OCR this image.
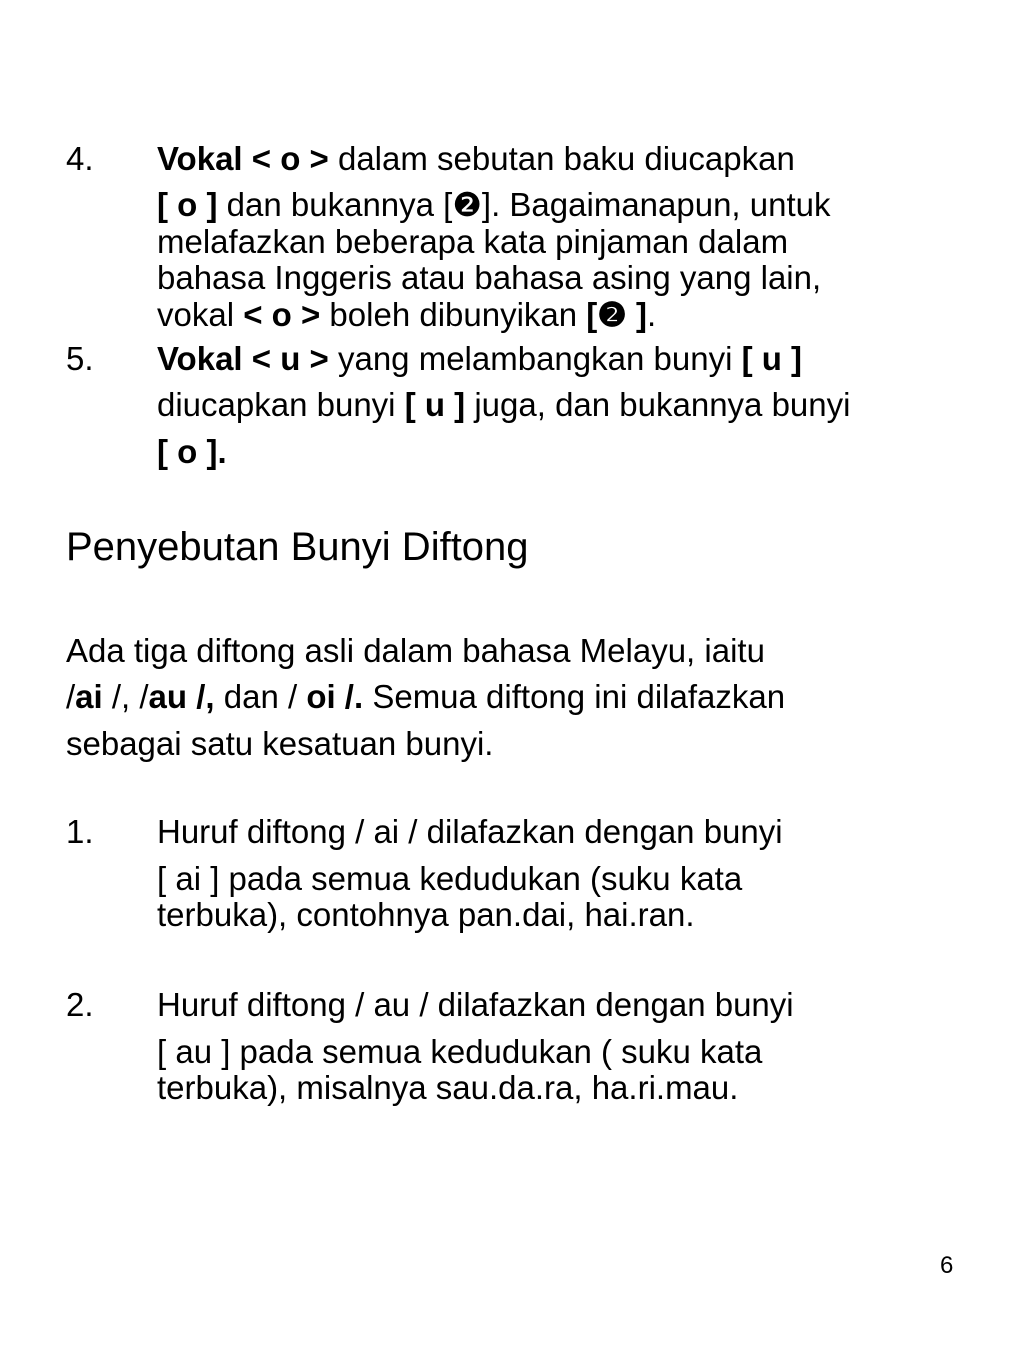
4. Vokal < o > dalam sebutan baku diucapkan
[ o ] dan bukannya [❷]. Bagaimanapun, untuk
melafazkan beberapa kata pinjaman dalam
bahasa Inggeris atau bahasa asing yang lain,
vokal < o > boleh dibunyikan [❷ ].
5. Vokal < u > yang melambangkan bunyi [ u ]
diucapkan bunyi [ u ] juga, dan bukannya bunyi
[ o ].
Penyebutan Bunyi Diftong
Ada tiga diftong asli dalam bahasa Melayu, iaitu
/ai /, /au /, dan / oi /. Semua diftong ini dilafazkan
sebagai satu kesatuan bunyi.
1. Huruf diftong / ai / dilafazkan dengan bunyi
[ ai ] pada semua kedudukan (suku kata
terbuka), contohnya pan.dai, hai.ran.
2. Huruf diftong / au / dilafazkan dengan bunyi
[ au ] pada semua kedudukan ( suku kata
terbuka), misalnya sau.da.ra, ha.ri.mau.
6
